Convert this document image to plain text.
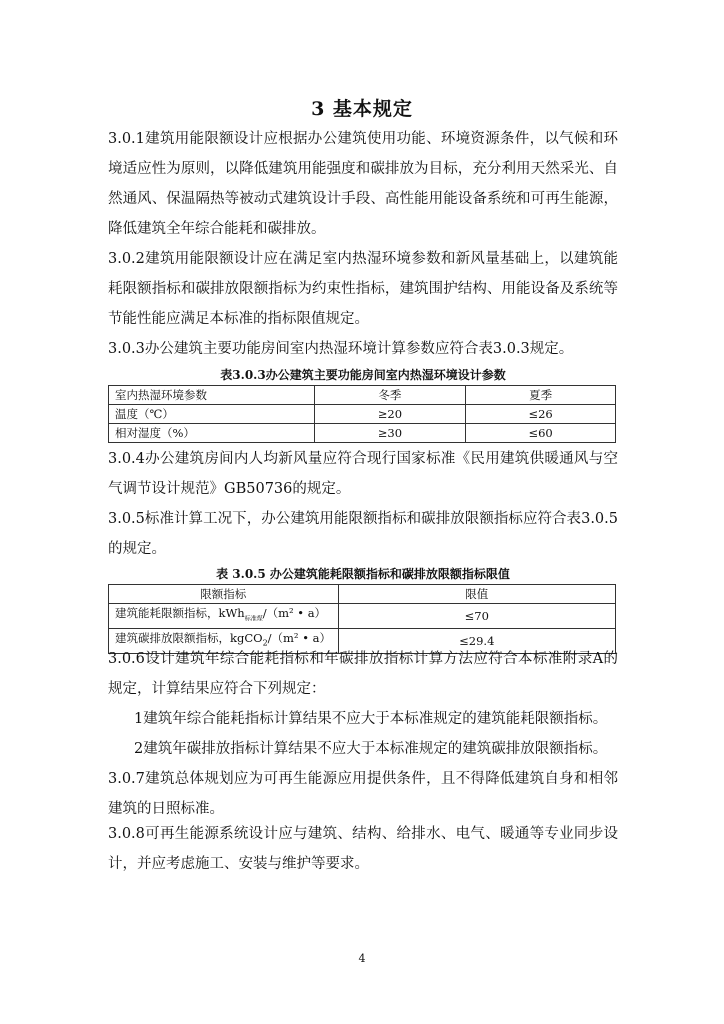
3 基本规定

3.0.1建筑用能限额设计应根据办公建筑使用功能、环境资源条件，以气候和环境适应性为原则，以降低建筑用能强度和碳排放为目标，充分利用天然采光、自然通风、保温隔热等被动式建筑设计手段、高性能用能设备系统和可再生能源，降低建筑全年综合能耗和碳排放。

3.0.2建筑用能限额设计应在满足室内热湿环境参数和新风量基础上，以建筑能耗限额指标和碳排放限额指标为约束性指标，建筑围护结构、用能设备及系统等节能性能应满足本标准的指标限值规定。

3.0.3办公建筑主要功能房间室内热湿环境计算参数应符合表3.0.3规定。

表3.0.3办公建筑主要功能房间室内热湿环境设计参数

室内热湿环境参数	冬季	夏季
温度（℃）	≥20	≤26
相对湿度（%）	≥30	≤60

3.0.4办公建筑房间内人均新风量应符合现行国家标准《民用建筑供暖通风与空气调节设计规范》GB50736的规定。

3.0.5标准计算工况下，办公建筑用能限额指标和碳排放限额指标应符合表3.0.5的规定。

表 3.0.5 办公建筑能耗限额指标和碳排放限额指标限值

限额指标	限值
建筑能耗限额指标，kWh$_{标准煤}$/（m² • a）	≤70
建筑碳排放限额指标，kgCO$_2$/（m² • a）	≤29.4

3.0.6设计建筑年综合能耗指标和年碳排放指标计算方法应符合本标准附录A的规定，计算结果应符合下列规定：

1建筑年综合能耗指标计算结果不应大于本标准规定的建筑能耗限额指标。

2建筑年碳排放指标计算结果不应大于本标准规定的建筑碳排放限额指标。

3.0.7建筑总体规划应为可再生能源应用提供条件，且不得降低建筑自身和相邻建筑的日照标准。

3.0.8可再生能源系统设计应与建筑、结构、给排水、电气、暖通等专业同步设计，并应考虑施工、安装与维护等要求。

4
